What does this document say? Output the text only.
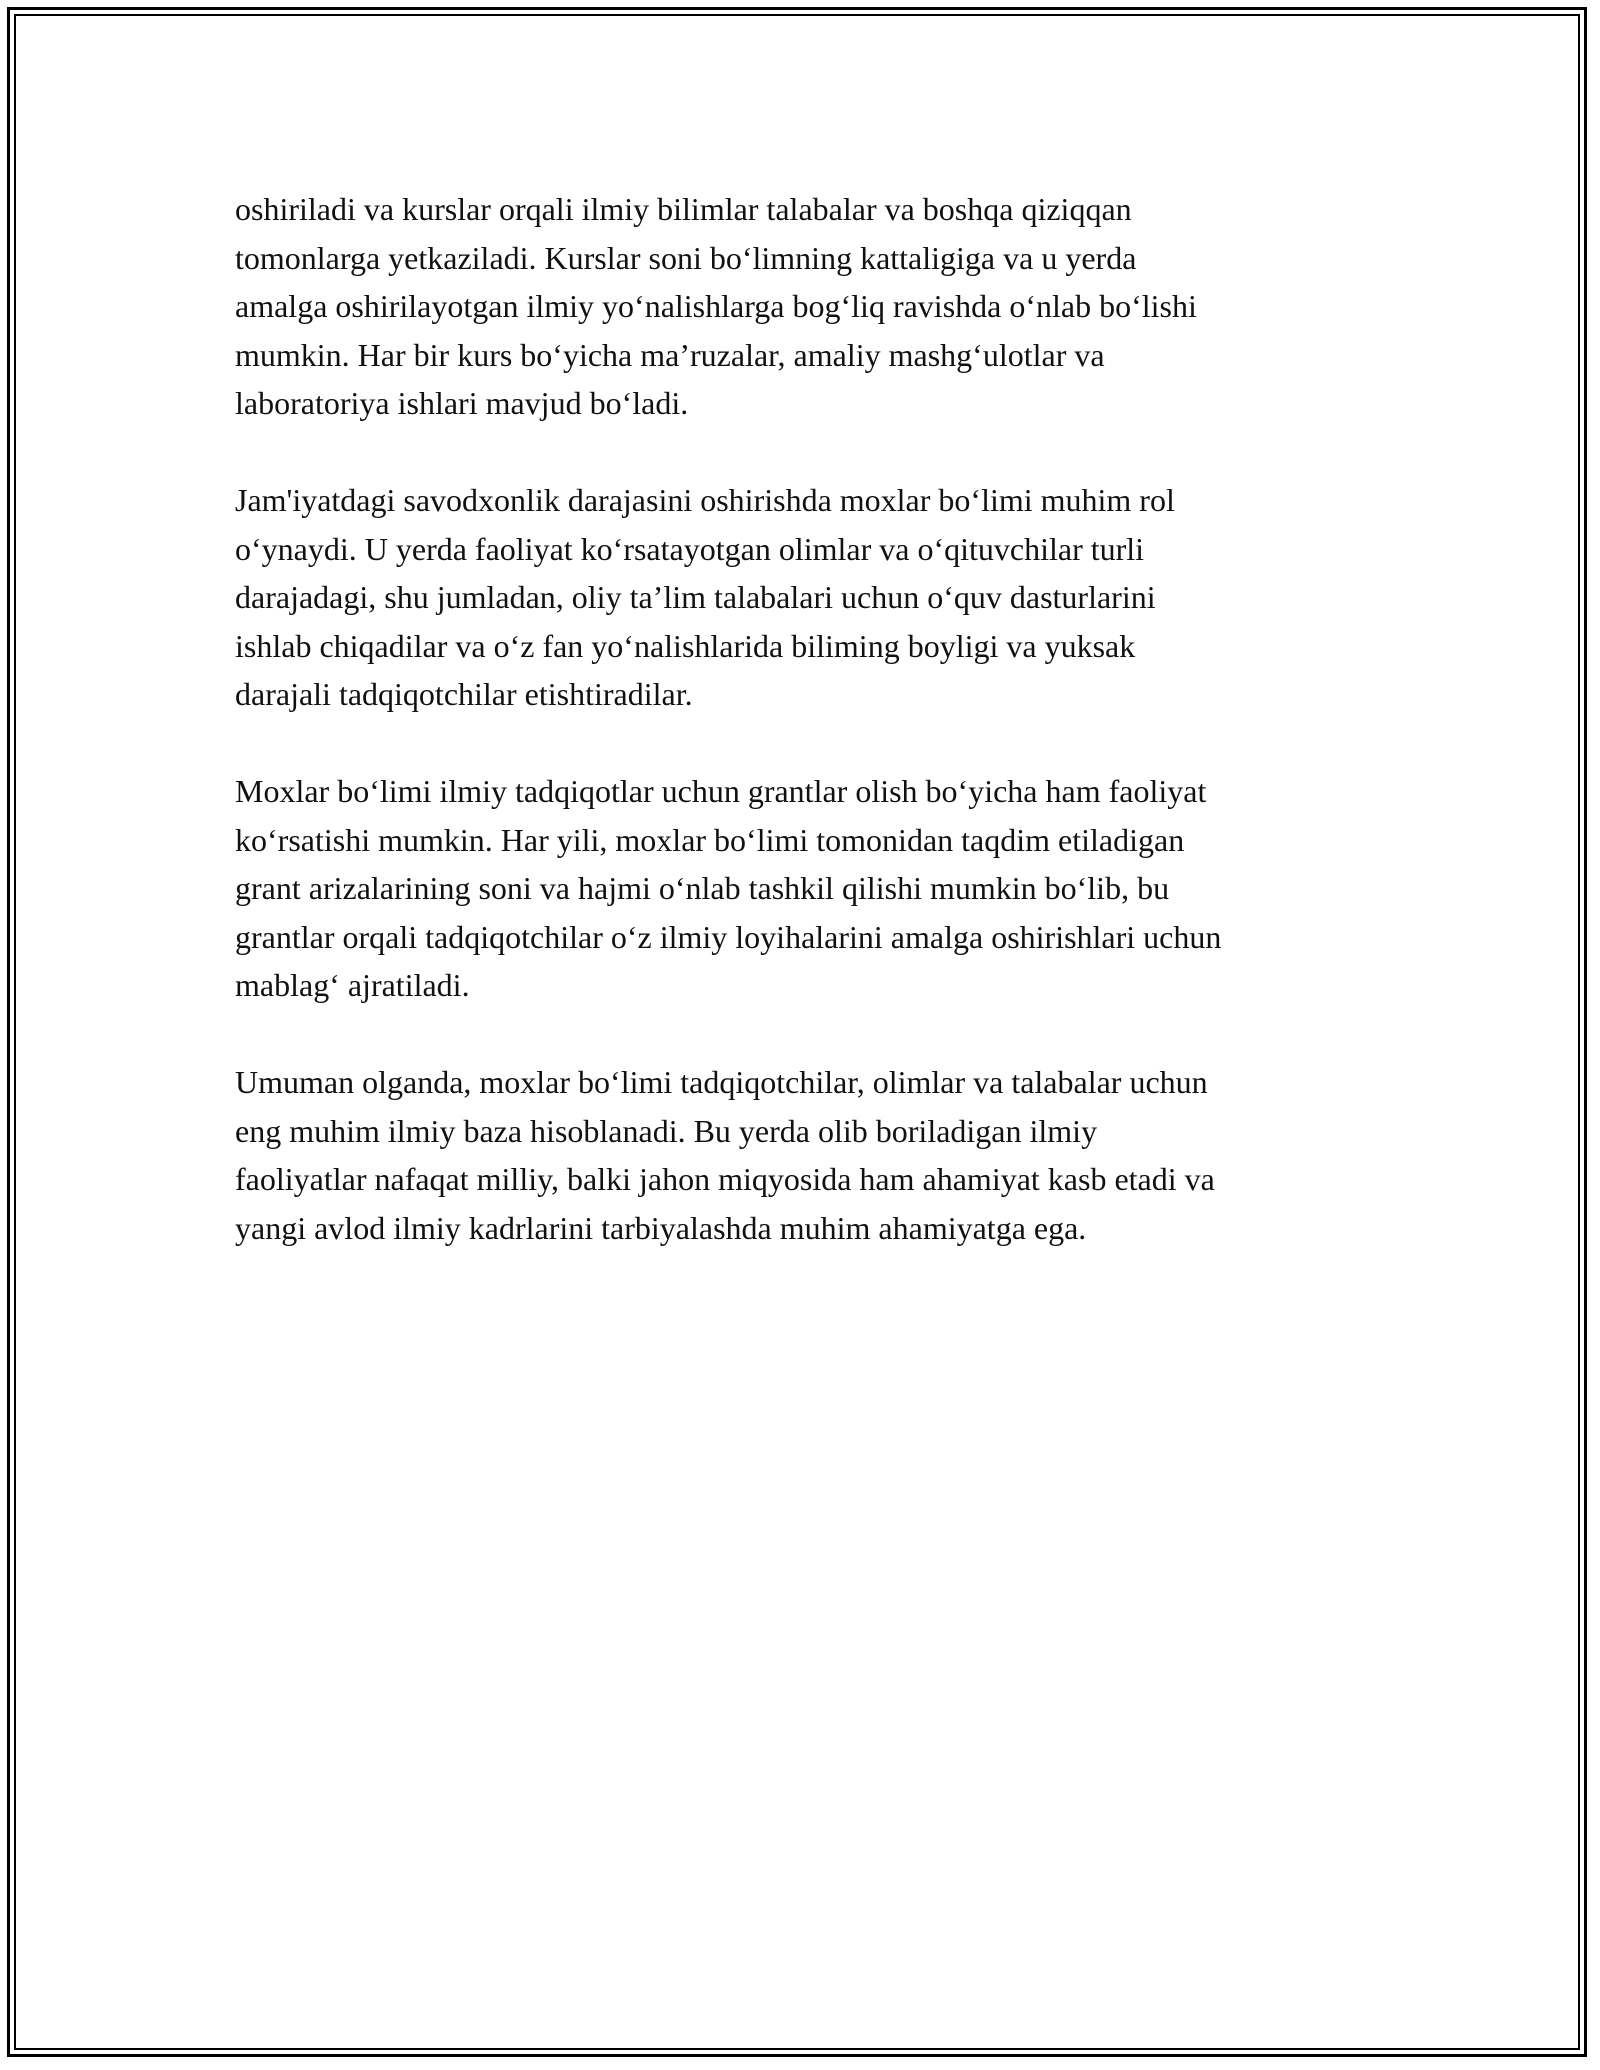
oshiriladi va kurslar orqali ilmiy bilimlar talabalar va boshqa qiziqqan
tomonlarga yetkaziladi. Kurslar soni bo‘limning kattaligiga va u yerda
amalga oshirilayotgan ilmiy yo‘nalishlarga bog‘liq ravishda o‘nlab bo‘lishi
mumkin. Har bir kurs bo‘yicha ma’ruzalar, amaliy mashg‘ulotlar va
laboratoriya ishlari mavjud bo‘ladi.

Jam'iyatdagi savodxonlik darajasini oshirishda moxlar bo‘limi muhim rol
o‘ynaydi. U yerda faoliyat ko‘rsatayotgan olimlar va o‘qituvchilar turli
darajadagi, shu jumladan, oliy ta’lim talabalari uchun o‘quv dasturlarini
ishlab chiqadilar va o‘z fan yo‘nalishlarida biliming boyligi va yuksak
darajali tadqiqotchilar etishtiradilar.

Moxlar bo‘limi ilmiy tadqiqotlar uchun grantlar olish bo‘yicha ham faoliyat
ko‘rsatishi mumkin. Har yili, moxlar bo‘limi tomonidan taqdim etiladigan
grant arizalarining soni va hajmi o‘nlab tashkil qilishi mumkin bo‘lib, bu
grantlar orqali tadqiqotchilar o‘z ilmiy loyihalarini amalga oshirishlari uchun
mablag‘ ajratiladi.

Umuman olganda, moxlar bo‘limi tadqiqotchilar, olimlar va talabalar uchun
eng muhim ilmiy baza hisoblanadi. Bu yerda olib boriladigan ilmiy
faoliyatlar nafaqat milliy, balki jahon miqyosida ham ahamiyat kasb etadi va
yangi avlod ilmiy kadrlarini tarbiyalashda muhim ahamiyatga ega.
